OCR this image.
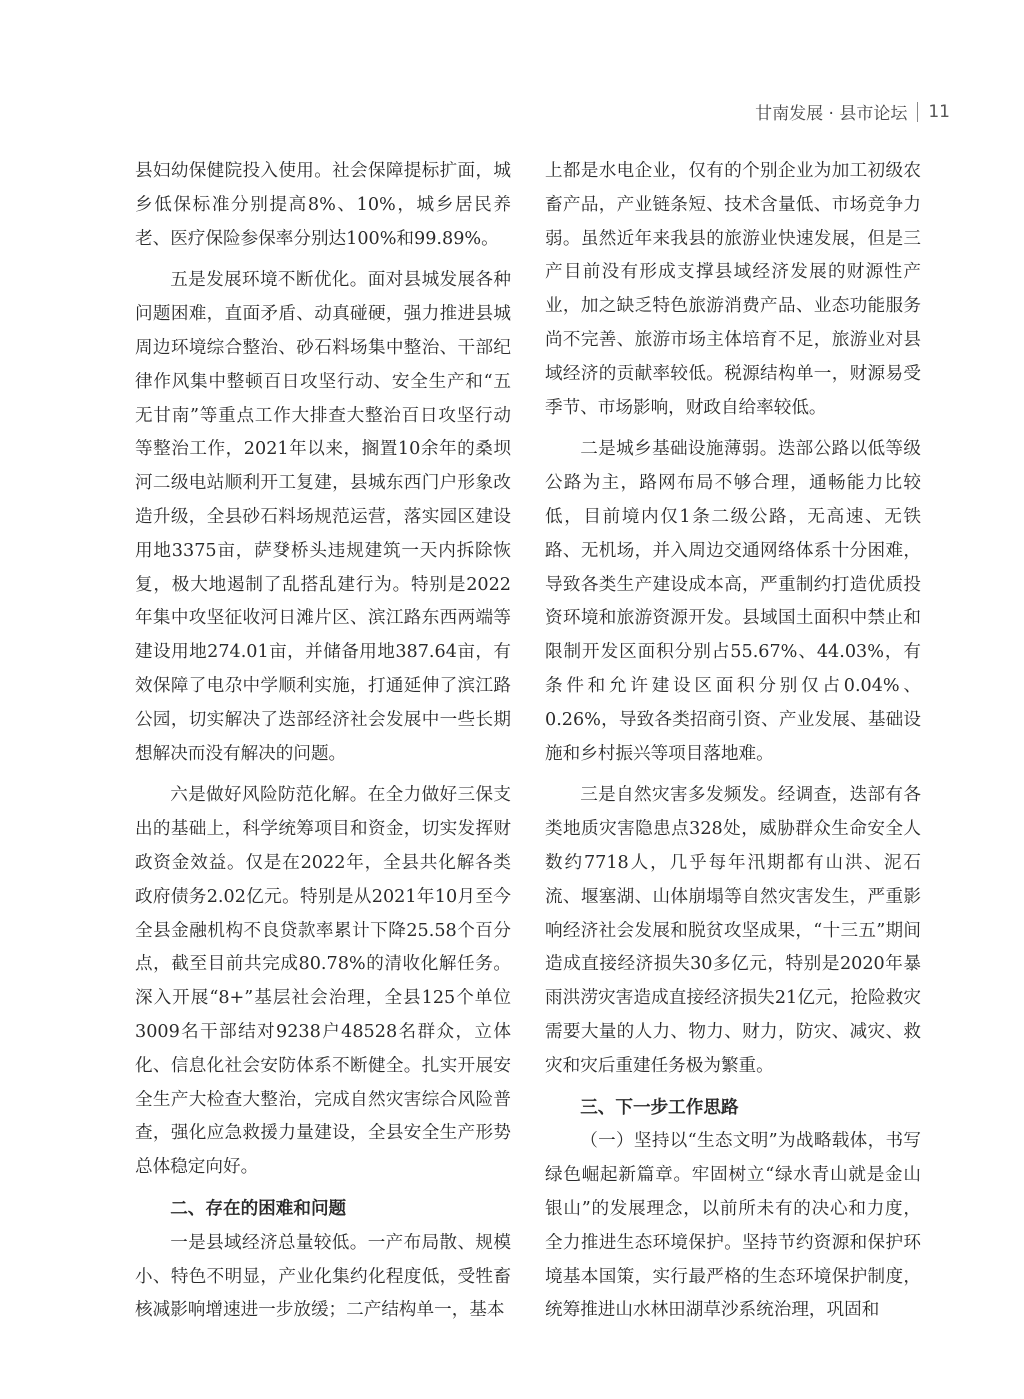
甘南发展 · 县市论坛 11

县妇幼保健院投入使用。社会保障提标扩面，城乡低保标准分别提高8%、10%，城乡居民养老、医疗保险参保率分别达100%和99.89%。

五是发展环境不断优化。面对县城发展各种问题困难，直面矛盾、动真碰硬，强力推进县城周边环境综合整治、砂石料场集中整治、干部纪律作风集中整顿百日攻坚行动、安全生产和“五无甘南”等重点工作大排查大整治百日攻坚行动等整治工作，2021年以来，搁置10余年的桑坝河二级电站顺利开工复建，县城东西门户形象改造升级，全县砂石料场规范运营，落实园区建设用地3375亩，萨癹桥头违规建筑一天内拆除恢复，极大地遏制了乱搭乱建行为。特别是2022年集中攻坚征收河日滩片区、滨江路东西两端等建设用地274.01亩，并储备用地387.64亩，有效保障了电尕中学顺利实施，打通延伸了滨江路公园，切实解决了迭部经济社会发展中一些长期想解决而没有解决的问题。

六是做好风险防范化解。在全力做好三保支出的基础上，科学统筹项目和资金，切实发挥财政资金效益。仅是在2022年，全县共化解各类政府债务2.02亿元。特别是从2021年10月至今全县金融机构不良贷款率累计下降25.58个百分点，截至目前共完成80.78%的清收化解任务。深入开展“8+”基层社会治理，全县125个单位3009名干部结对9238户48528名群众，立体化、信息化社会安防体系不断健全。扎实开展安全生产大检查大整治，完成自然灾害综合风险普查，强化应急救援力量建设，全县安全生产形势总体稳定向好。

二、存在的困难和问题

一是县域经济总量较低。一产布局散、规模小、特色不明显，产业化集约化程度低，受牲畜核减影响增速进一步放缓；二产结构单一，基本

上都是水电企业，仅有的个别企业为加工初级农畜产品，产业链条短、技术含量低、市场竞争力弱。虽然近年来我县的旅游业快速发展，但是三产目前没有形成支撑县域经济发展的财源性产业，加之缺乏特色旅游消费产品、业态功能服务尚不完善、旅游市场主体培育不足，旅游业对县域经济的贡献率较低。税源结构单一，财源易受季节、市场影响，财政自给率较低。

二是城乡基础设施薄弱。迭部公路以低等级公路为主，路网布局不够合理，通畅能力比较低，目前境内仅1条二级公路，无高速、无铁路、无机场，并入周边交通网络体系十分困难，导致各类生产建设成本高，严重制约打造优质投资环境和旅游资源开发。县域国土面积中禁止和限制开发区面积分别占55.67%、44.03%，有条件和允许建设区面积分别仅占0.04%、0.26%，导致各类招商引资、产业发展、基础设施和乡村振兴等项目落地难。

三是自然灾害多发频发。经调查，迭部有各类地质灾害隐患点328处，威胁群众生命安全人数约7718人，几乎每年汛期都有山洪、泥石流、堰塞湖、山体崩塌等自然灾害发生，严重影响经济社会发展和脱贫攻坚成果，“十三五”期间造成直接经济损失30多亿元，特别是2020年暴雨洪涝灾害造成直接经济损失21亿元，抢险救灾需要大量的人力、物力、财力，防灾、减灾、救灾和灾后重建任务极为繁重。

三、下一步工作思路

（一）坚持以“生态文明”为战略载体，书写绿色崛起新篇章。牢固树立“绿水青山就是金山银山”的发展理念，以前所未有的决心和力度，全力推进生态环境保护。坚持节约资源和保护环境基本国策，实行最严格的生态环境保护制度，统筹推进山水林田湖草沙系统治理，巩固和
